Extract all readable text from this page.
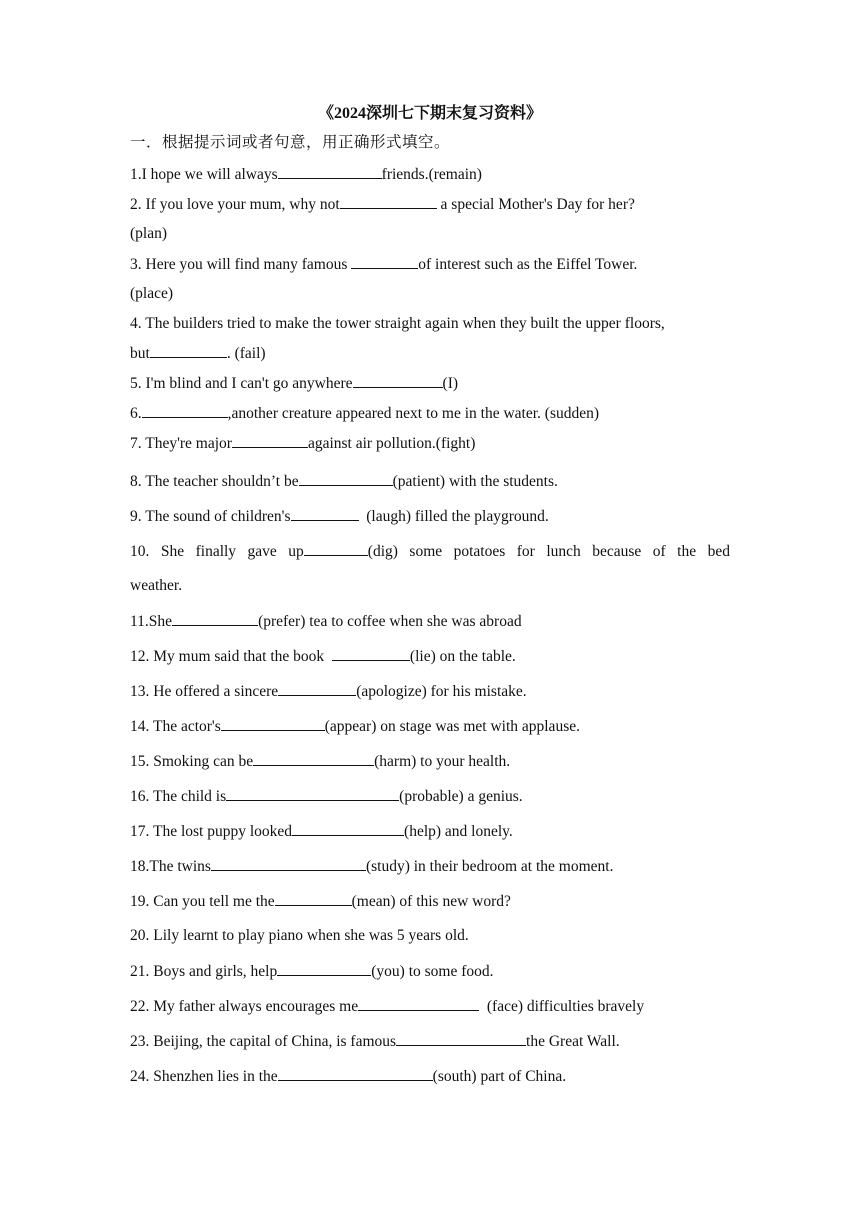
《2024深圳七下期末复习资料》
一．根据提示词或者句意，用正确形式填空。
1.I hope we will always	friends.(remain)
2. If you love your mum, why not	a special Mother's Day for her?
(plan)
3. Here you will find many famous	of interest such as the Eiffel Tower.
(place)
4. The builders tried to make the tower straight again when they built the upper floors,
but	. (fail)
5. I'm blind and I can't go anywhere	(I)
6.	,another creature appeared next to me in the water. (sudden)
7. They're major	against air pollution.(fight)
8. The teacher shouldn’t be	(patient) with the students.
9. The sound of children's	(laugh) filled the playground.
10. She finally gave up	(dig) some potatoes for lunch because of the bed
weather.
11.She	(prefer) tea to coffee when she was abroad
12. My mum said that the book	(lie) on the table.
13. He offered a sincere	(apologize) for his mistake.
14. The actor's	(appear) on stage was met with applause.
15. Smoking can be	(harm) to your health.
16. The child is	(probable) a genius.
17. The lost puppy looked	(help) and lonely.
18.The twins	(study) in their bedroom at the moment.
19. Can you tell me the	(mean) of this new word?
20. Lily learnt to play piano when she was 5 years old.
21. Boys and girls, help	(you) to some food.
22. My father always encourages me	(face) difficulties bravely
23. Beijing, the capital of China, is famous	the Great Wall.
24. Shenzhen lies in the	(south) part of China.
